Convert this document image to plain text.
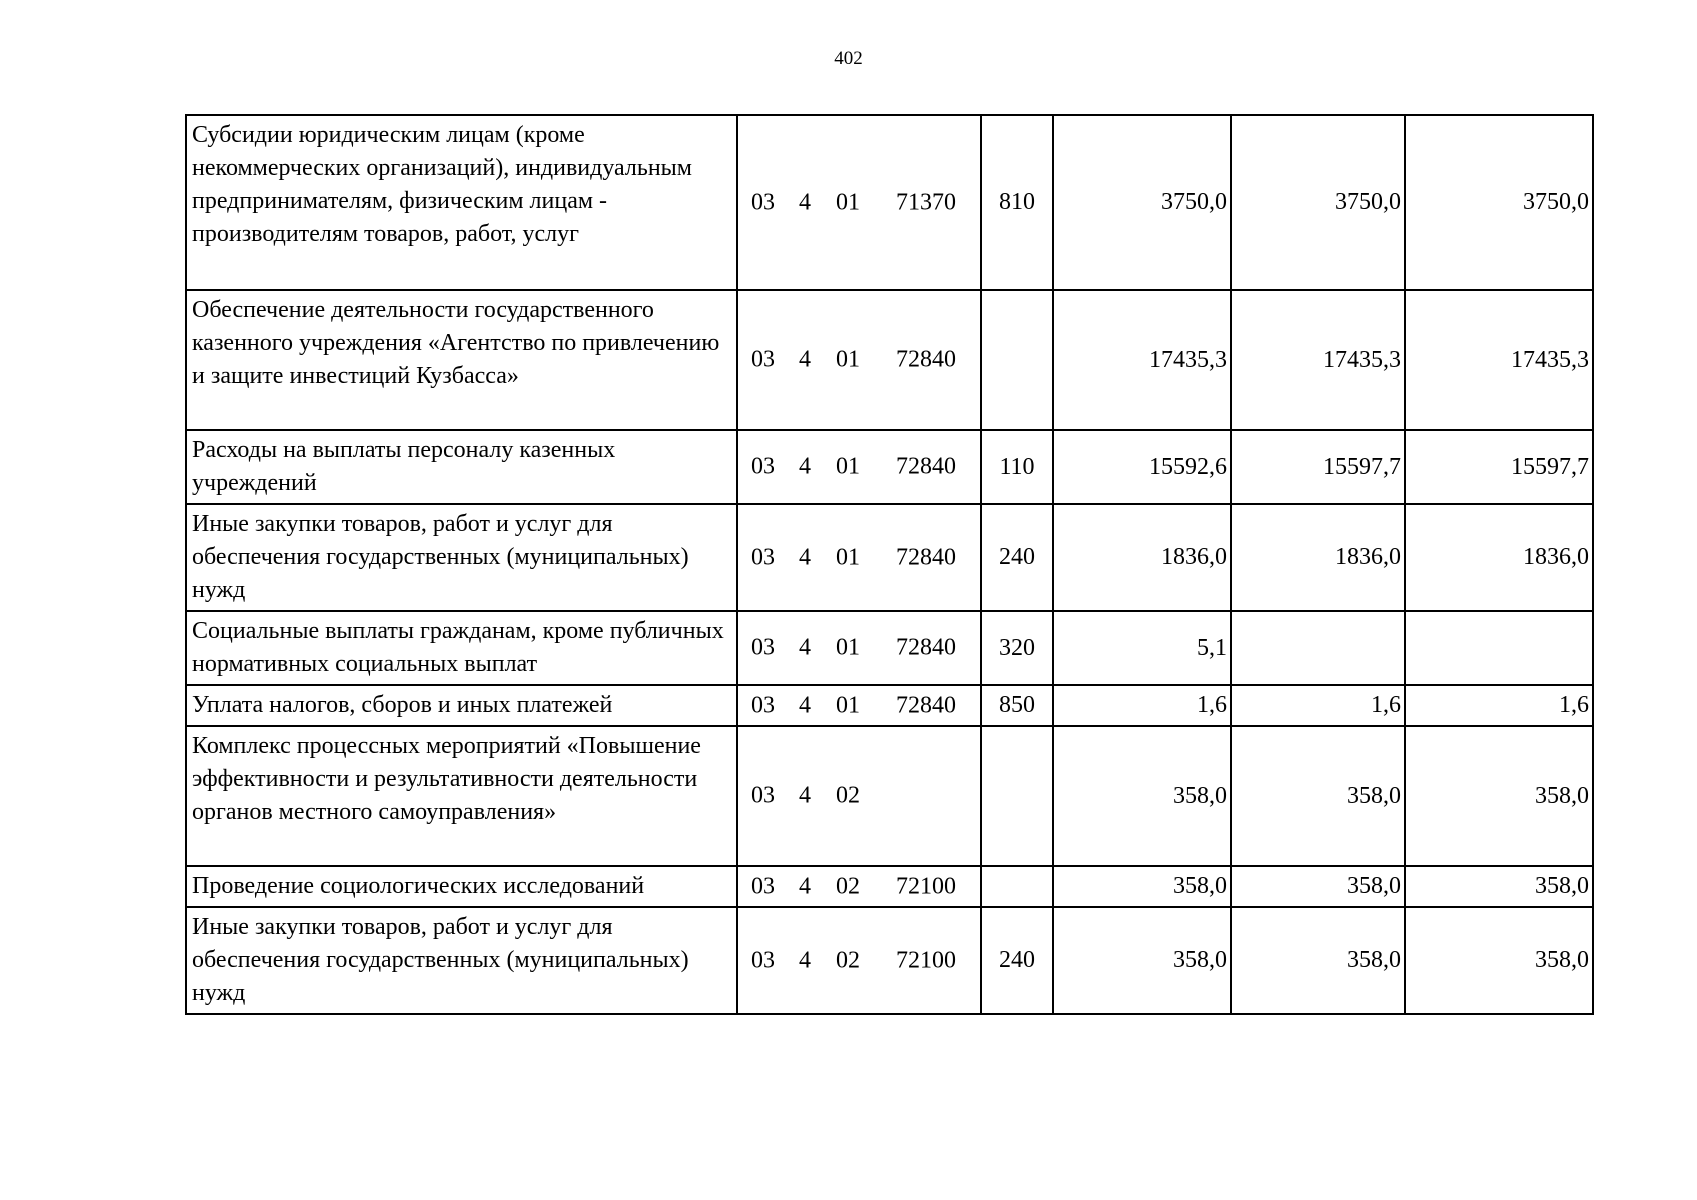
402
Субсидии юридическим лицам (кроме некоммерческих организаций), индивидуальным предпринимателям, физическим лицам - производителям товаров, работ, услуг	03 4 01 71370	810	3750,0	3750,0	3750,0
Обеспечение деятельности государственного казенного учреждения «Агентство по привлечению и защите инвестиций Кузбасса»	03 4 01 72840		17435,3	17435,3	17435,3
Расходы на выплаты персоналу казенных учреждений	03 4 01 72840	110	15592,6	15597,7	15597,7
Иные закупки товаров, работ и услуг для обеспечения государственных (муниципальных) нужд	03 4 01 72840	240	1836,0	1836,0	1836,0
Социальные выплаты гражданам, кроме публичных нормативных социальных выплат	03 4 01 72840	320	5,1		
Уплата налогов, сборов и иных платежей	03 4 01 72840	850	1,6	1,6	1,6
Комплекс процессных мероприятий «Повышение эффективности и результативности деятельности органов местного самоуправления»	03 4 02		358,0	358,0	358,0
Проведение социологических исследований	03 4 02 72100		358,0	358,0	358,0
Иные закупки товаров, работ и услуг для обеспечения государственных (муниципальных) нужд	03 4 02 72100	240	358,0	358,0	358,0
